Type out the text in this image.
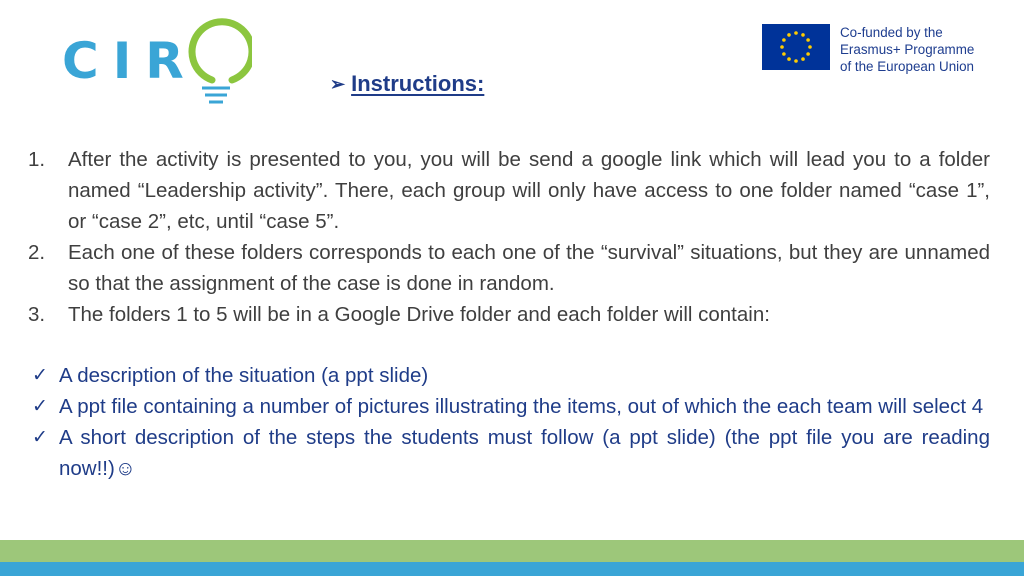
CIR	Co-funded by the
Erasmus+ Programme
of the European Union
➢ Instructions:
1.	After the activity is presented to you, you will be send a google link which will lead you to a folder named “Leadership activity”. There, each group will only have access to one folder named “case 1”, or “case 2”, etc, until “case 5”.
2.	Each one of these folders corresponds to each one of the “survival” situations, but they are unnamed so that the assignment of the case is done in random.
3.	The folders 1 to 5 will be in a Google Drive folder and each folder will contain:
✓ A description of the situation (a ppt slide)
✓ A ppt file containing a number of pictures illustrating the items, out of which the each team will select 4
✓ A short description of the steps the students must follow (a ppt slide) (the ppt file you are reading now!!)☺
